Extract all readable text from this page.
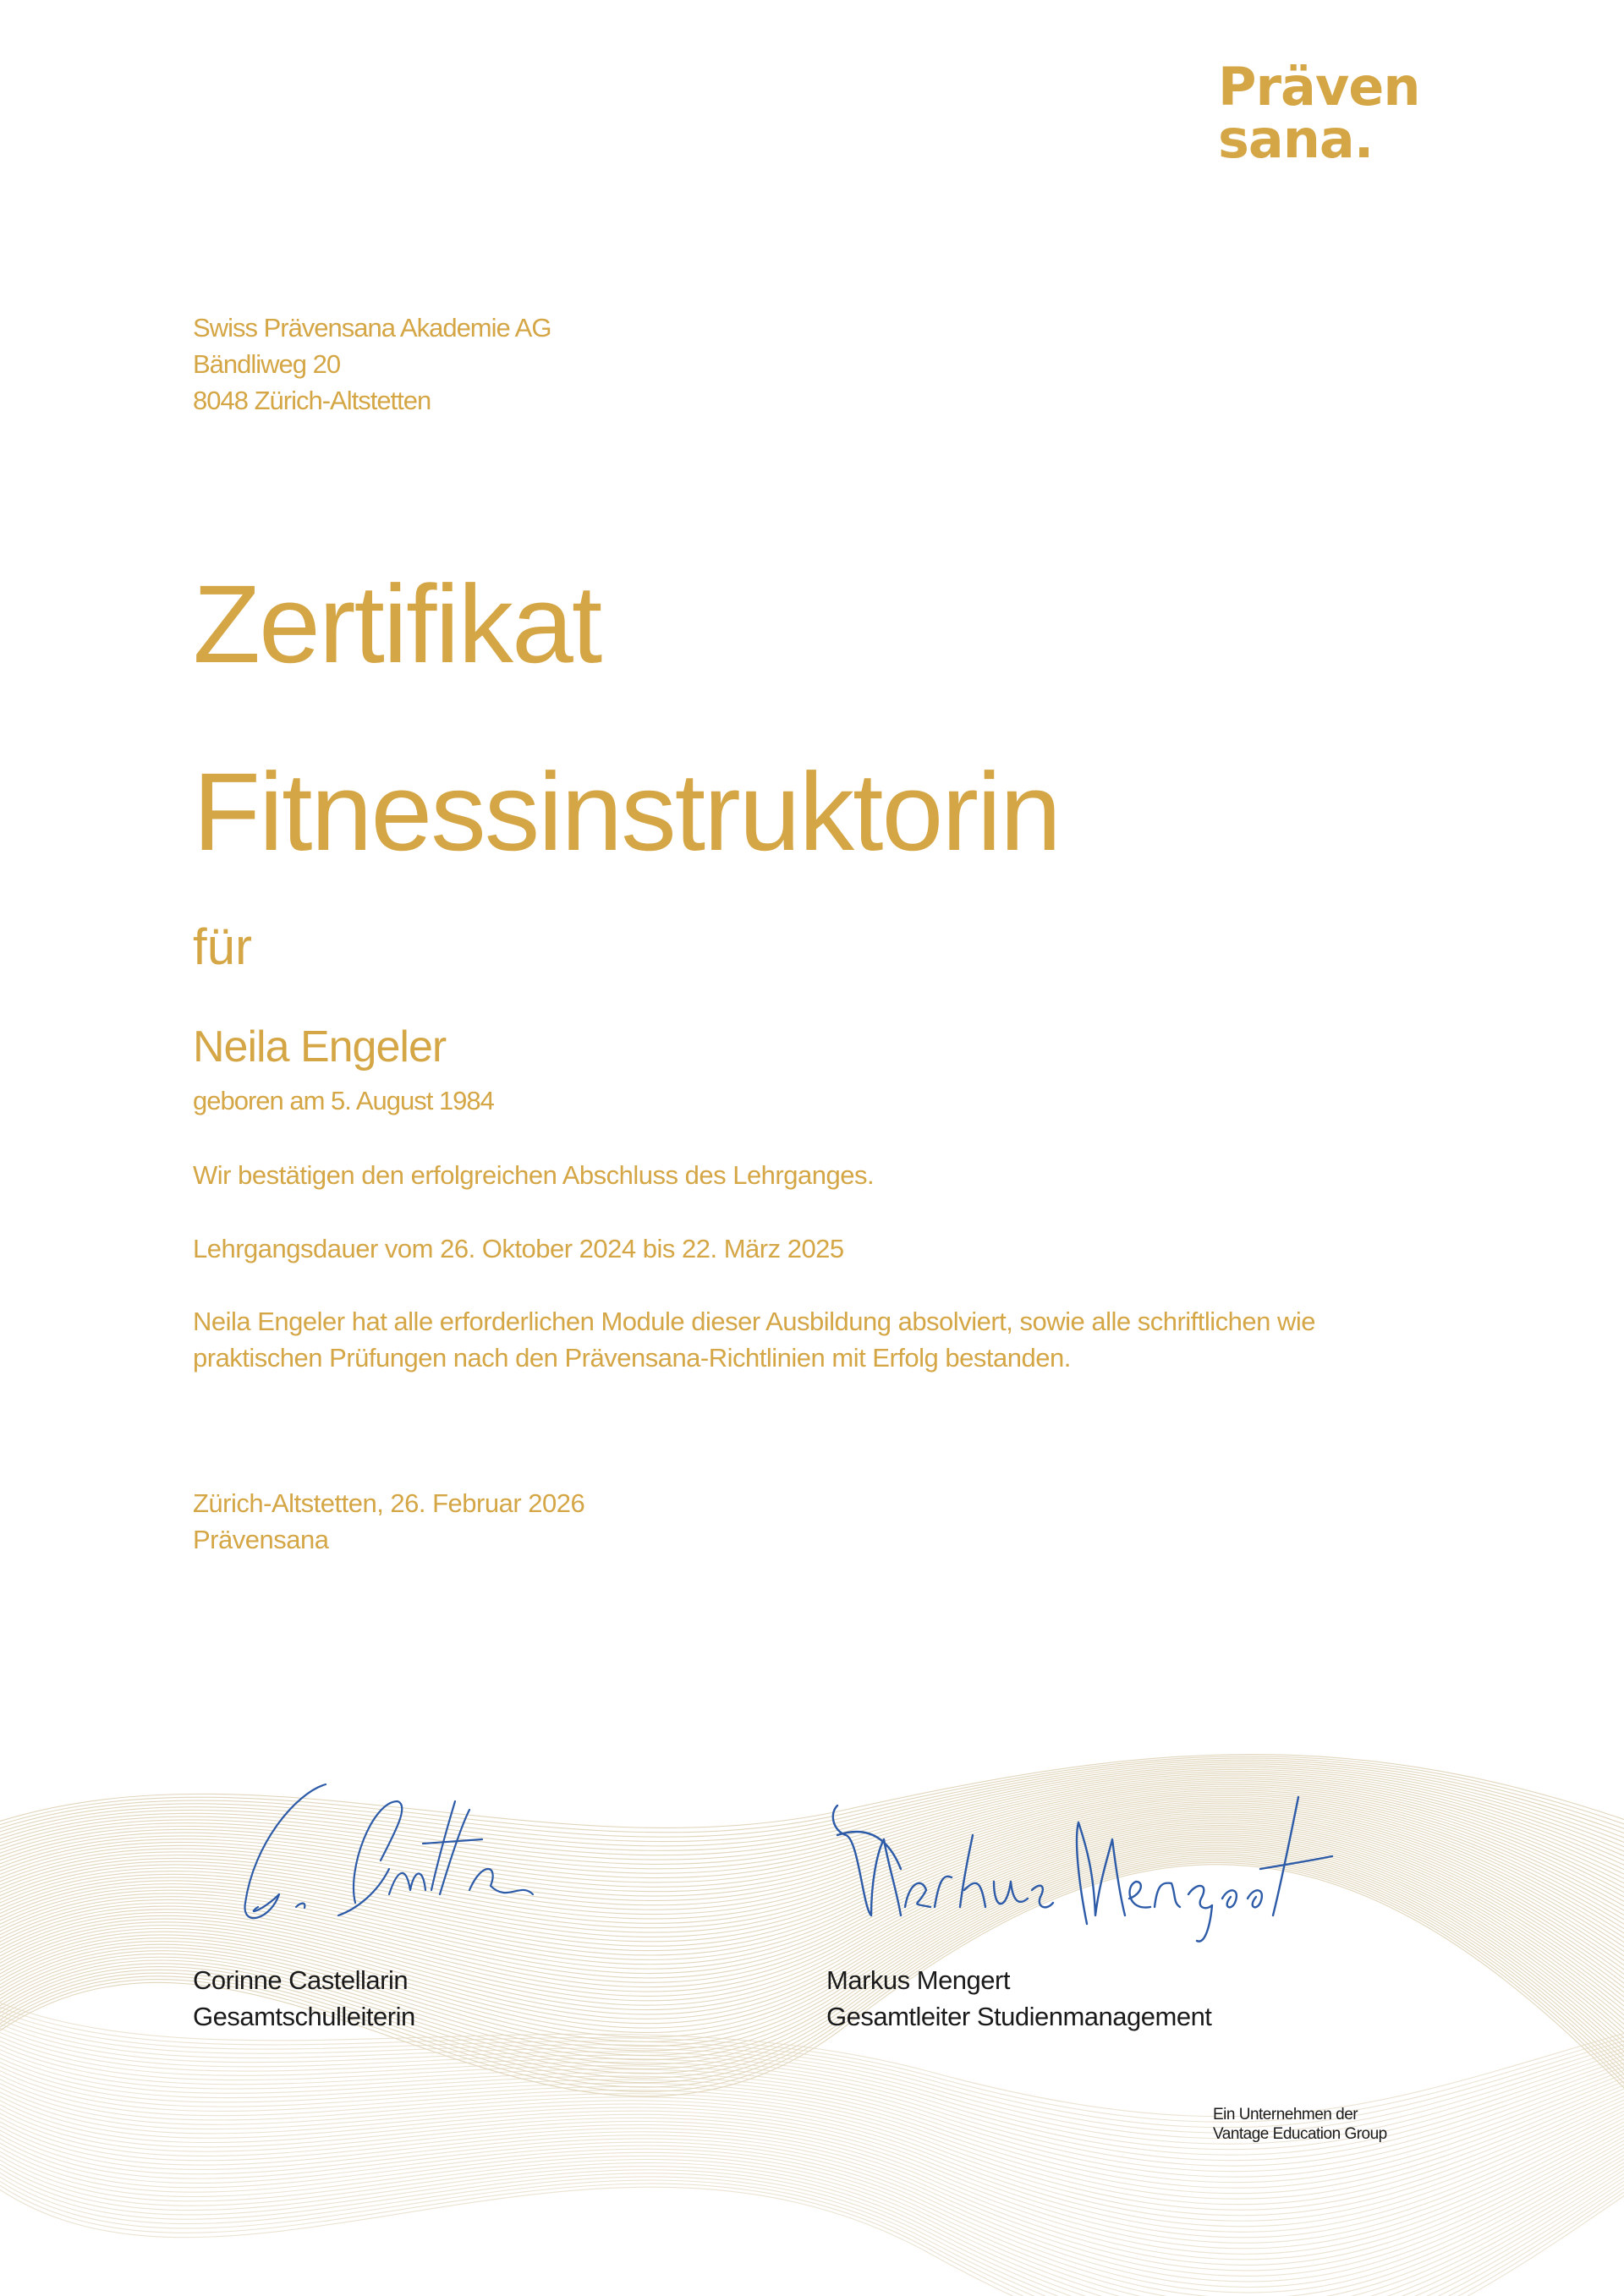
Präven
sana.
Swiss Prävensana Akademie AG
Bändliweg 20
8048 Zürich-Altstetten
Zertifikat
Fitnessinstruktorin
für
Neila Engeler
geboren am 5. August 1984
Wir bestätigen den erfolgreichen Abschluss des Lehrganges.
Lehrgangsdauer vom 26. Oktober 2024 bis 22. März 2025
Neila Engeler hat alle erforderlichen Module dieser Ausbildung absolviert, sowie alle schriftlichen wie
praktischen Prüfungen nach den Prävensana-Richtlinien mit Erfolg bestanden.
Zürich-Altstetten, 26. Februar 2026
Prävensana
Corinne Castellarin
Gesamtschulleiterin
Markus Mengert
Gesamtleiter Studienmanagement
Ein Unternehmen der
Vantage Education Group
